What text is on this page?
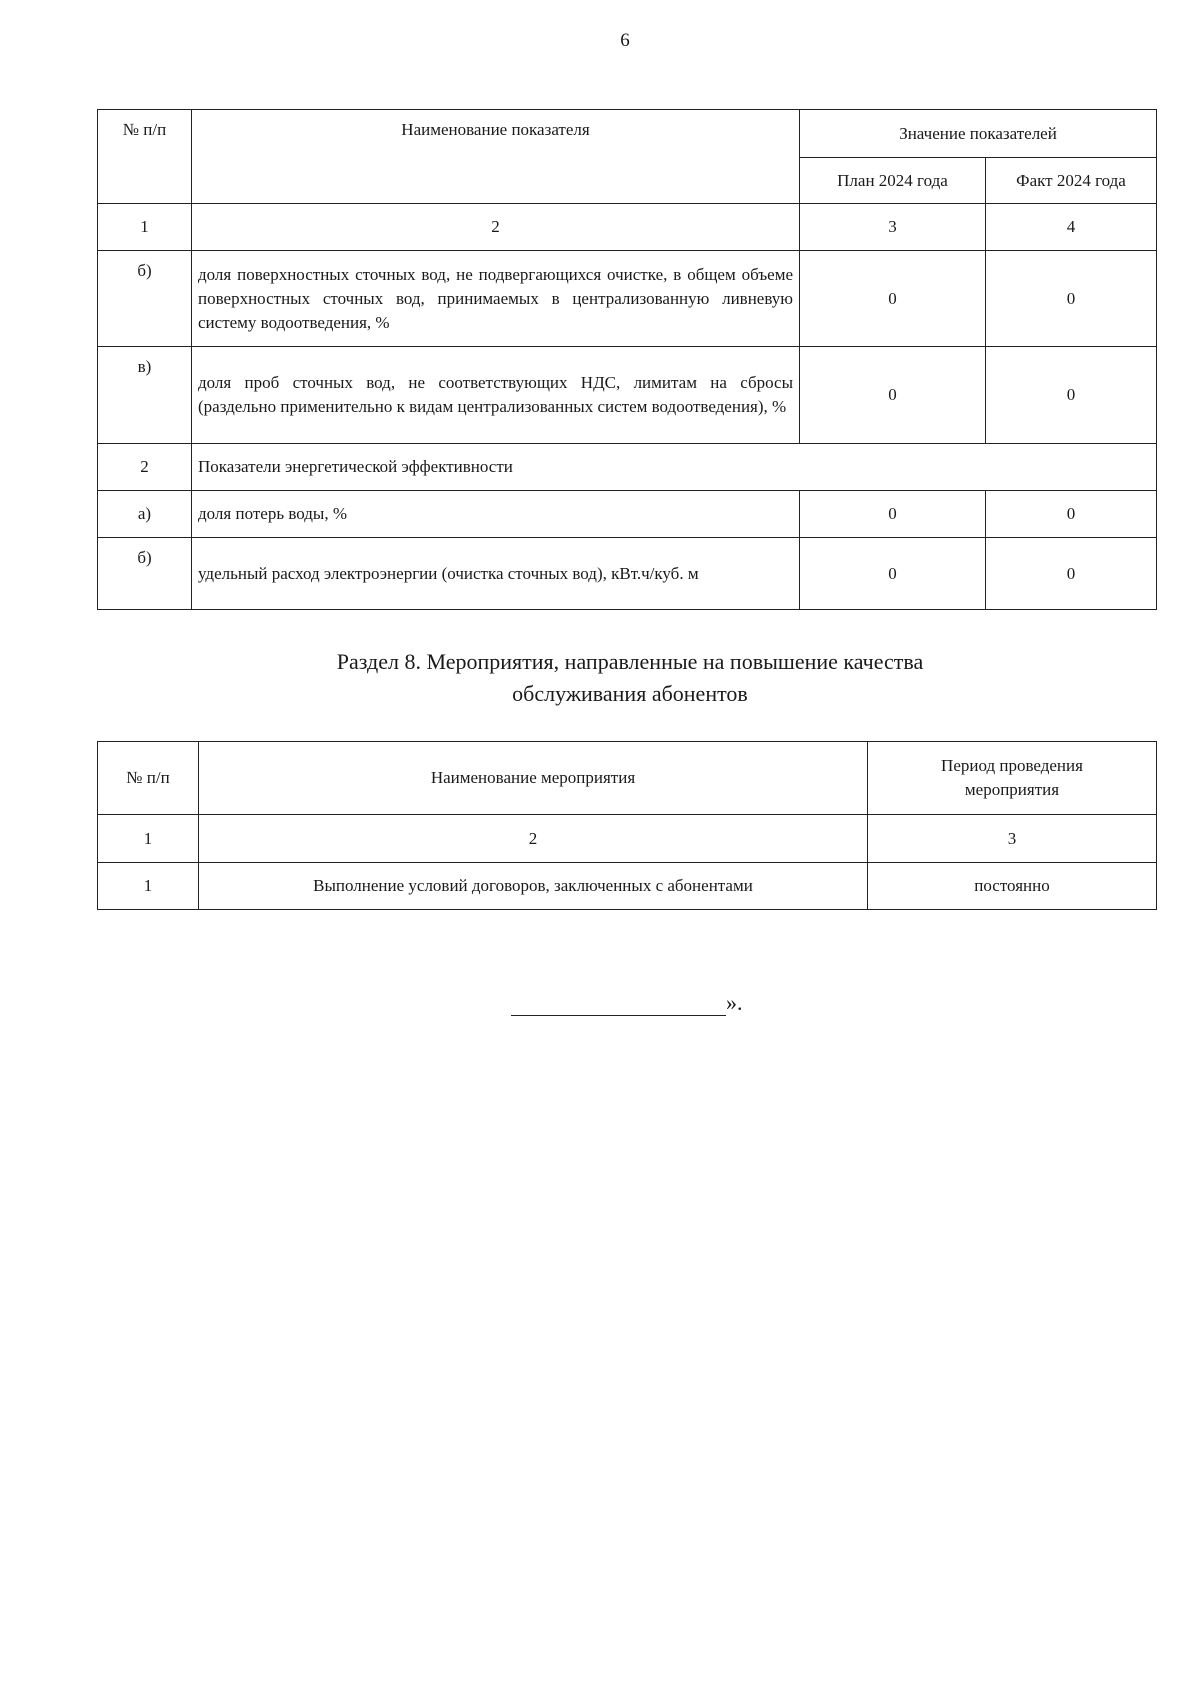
6
№ п/п	Наименование показателя	Значение показателей	
		План 2024 года	Факт 2024 года
1	2	3	4
б)	доля поверхностных сточных вод, не подвергающихся очистке, в общем объеме поверхностных сточных вод, принимаемых в централизованную ливневую систему водоотведения, %	0	0
в)	доля проб сточных вод, не соответствующих НДС, лимитам на сбросы (раздельно применительно к видам централизованных систем водоотведения), %	0	0
2	Показатели энергетической эффективности		
а)	доля потерь воды, %	0	0
б)	удельный расход электроэнергии (очистка сточных вод), кВт.ч/куб. м	0	0
Раздел 8. Мероприятия, направленные на повышение качества
обслуживания абонентов
№ п/п	Наименование мероприятия	Период проведения мероприятия
1	2	3
1	Выполнение условий договоров, заключенных с абонентами	постоянно
».
